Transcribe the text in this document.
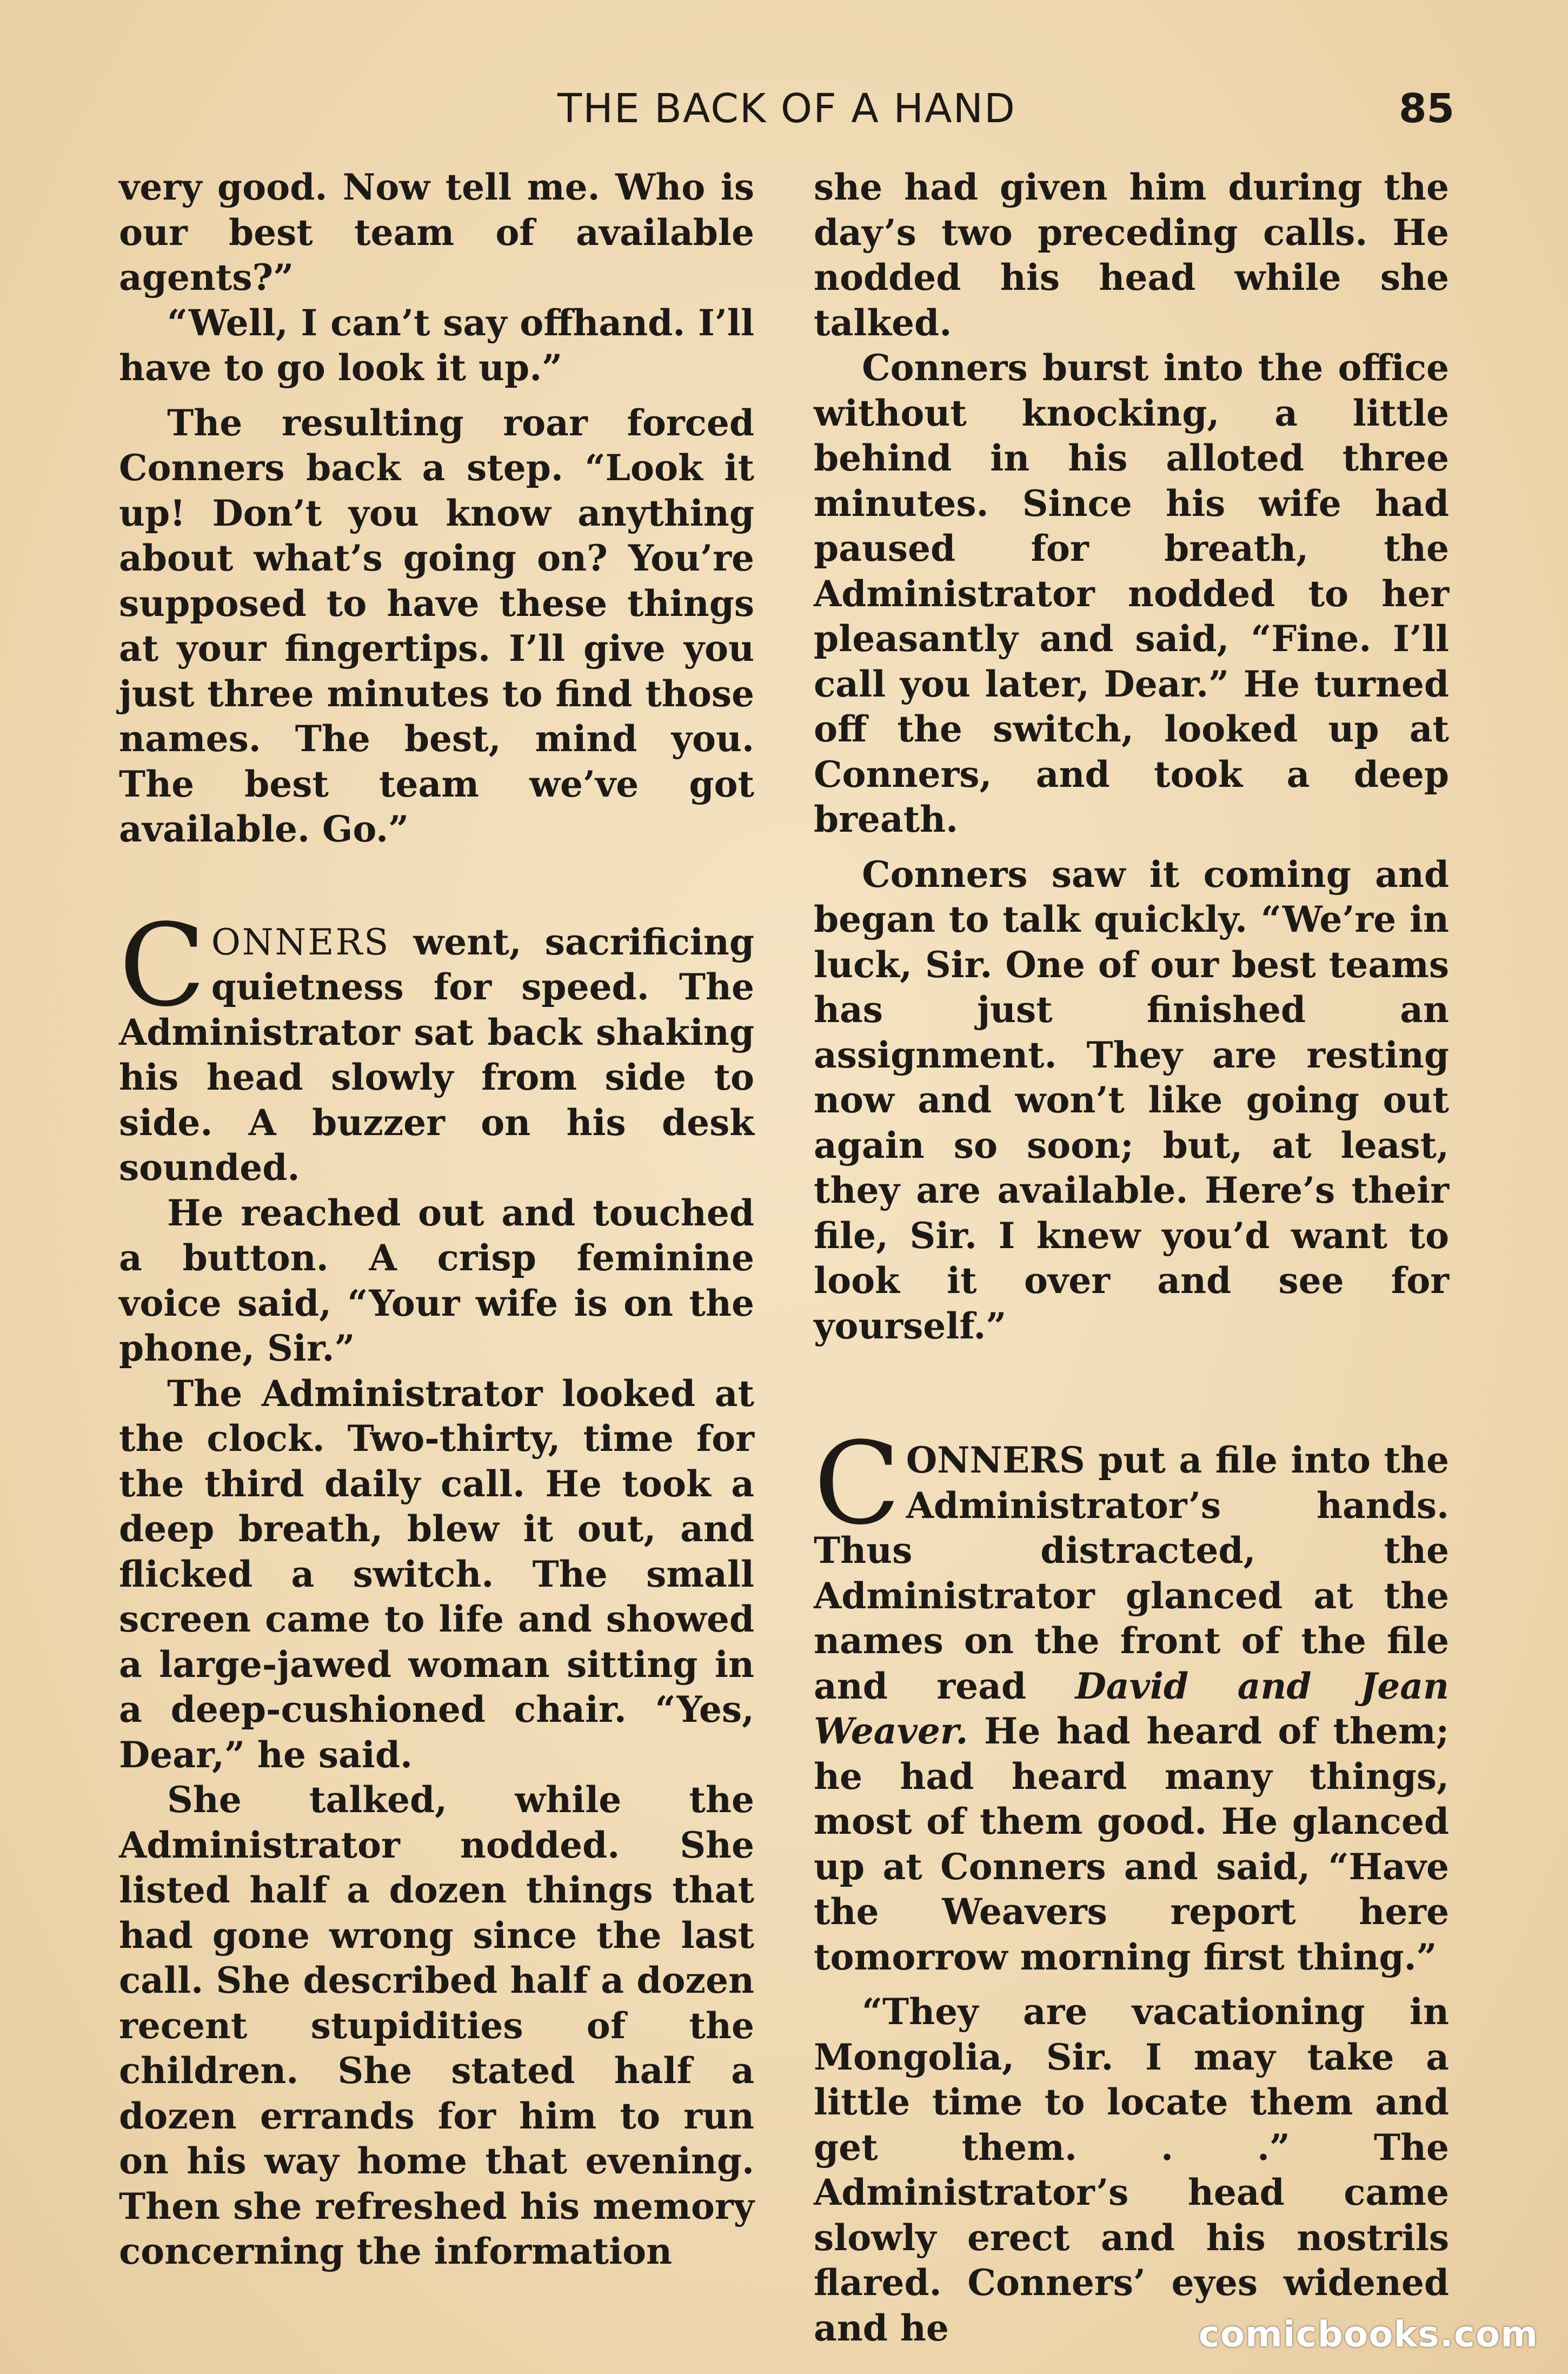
THE BACK OF A HAND	85

very good. Now tell me. Who is our best team of available agents?”

“Well, I can’t say offhand. I’ll have to go look it up.”

The resulting roar forced Conners back a step. “Look it up! Don’t you know anything about what’s going on? You’re supposed to have these things at your fingertips. I’ll give you just three minutes to find those names. The best, mind you. The best team we’ve got available. Go.”

CONNERS went, sacrificing quietness for speed. The Administrator sat back shaking his head slowly from side to side. A buzzer on his desk sounded.

He reached out and touched a button. A crisp feminine voice said, “Your wife is on the phone, Sir.”

The Administrator looked at the clock. Two-thirty, time for the third daily call. He took a deep breath, blew it out, and flicked a switch. The small screen came to life and showed a large-jawed woman sitting in a deep-cushioned chair. “Yes, Dear,” he said.

She talked, while the Administrator nodded. She listed half a dozen things that had gone wrong since the last call. She described half a dozen recent stupidities of the children. She stated half a dozen errands for him to run on his way home that evening. Then she refreshed his memory concerning the information

she had given him during the day’s two preceding calls. He nodded his head while she talked.

Conners burst into the office without knocking, a little behind in his alloted three minutes. Since his wife had paused for breath, the Administrator nodded to her pleasantly and said, “Fine. I’ll call you later, Dear.” He turned off the switch, looked up at Conners, and took a deep breath.

Conners saw it coming and began to talk quickly. “We’re in luck, Sir. One of our best teams has just finished an assignment. They are resting now and won’t like going out again so soon; but, at least, they are available. Here’s their file, Sir. I knew you’d want to look it over and see for yourself.”

CONNERS put a file into the Administrator’s hands. Thus distracted, the Administrator glanced at the names on the front of the file and read David and Jean Weaver. He had heard of them; he had heard many things, most of them good. He glanced up at Conners and said, “Have the Weavers report here tomorrow morning first thing.”

“They are vacationing in Mongolia, Sir. I may take a little time to locate them and get them. . .” The Administrator’s head came slowly erect and his nostrils flared. Conners’ eyes widened and he	comicbooks.com
